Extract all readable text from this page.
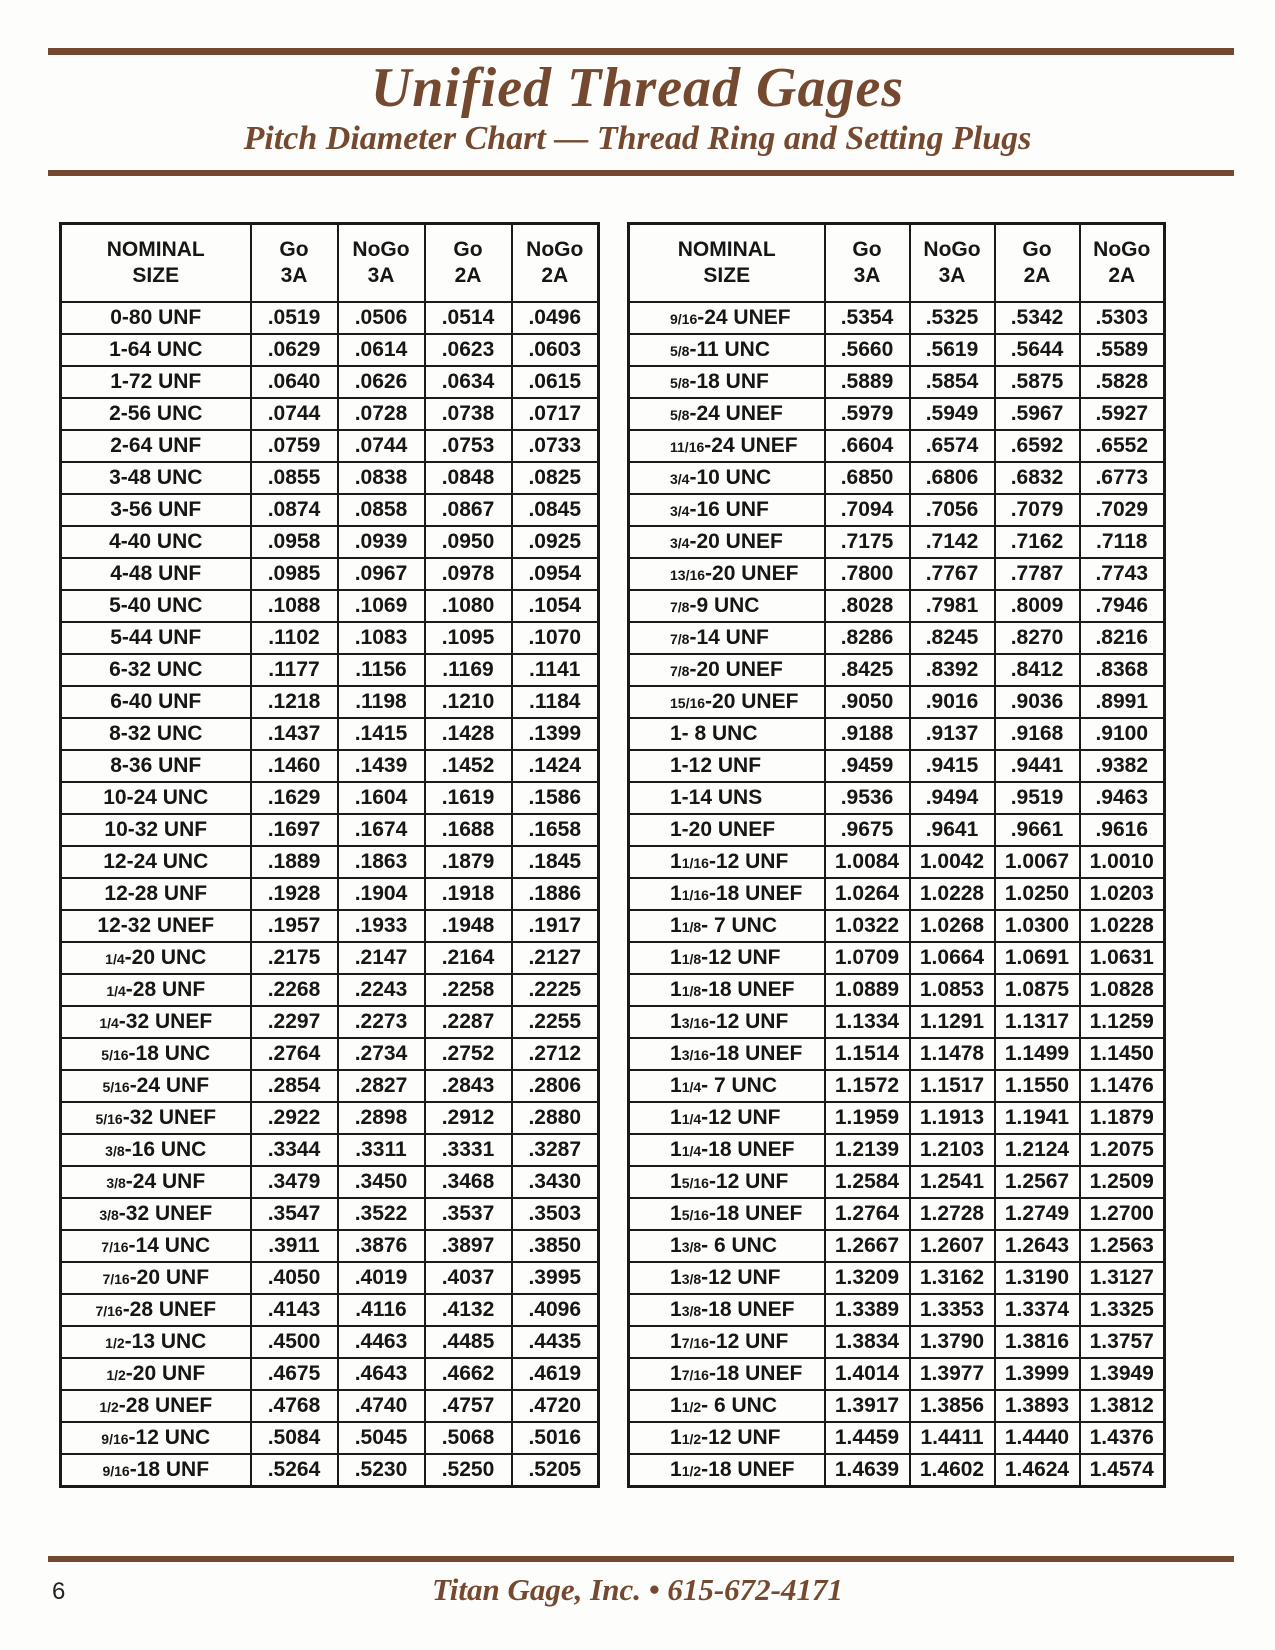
Unified Thread Gages
Pitch Diameter Chart — Thread Ring and Setting Plugs
NOMINAL
SIZE

Go
3A

NoGo
3A

Go
2A

NoGo
2A

0-80 UNF	.0519	.0506	.0514	.0496
1-64 UNC	.0629	.0614	.0623	.0603
1-72 UNF	.0640	.0626	.0634	.0615
2-56 UNC	.0744	.0728	.0738	.0717
2-64 UNF	.0759	.0744	.0753	.0733
3-48 UNC	.0855	.0838	.0848	.0825
3-56 UNF	.0874	.0858	.0867	.0845
4-40 UNC	.0958	.0939	.0950	.0925
4-48 UNF	.0985	.0967	.0978	.0954
5-40 UNC	.1088	.1069	.1080	.1054
5-44 UNF	.1102	.1083	.1095	.1070
6-32 UNC	.1177	.1156	.1169	.1141
6-40 UNF	.1218	.1198	.1210	.1184
8-32 UNC	.1437	.1415	.1428	.1399
8-36 UNF	.1460	.1439	.1452	.1424
10-24 UNC	.1629	.1604	.1619	.1586
10-32 UNF	.1697	.1674	.1688	.1658
12-24 UNC	.1889	.1863	.1879	.1845
12-28 UNF	.1928	.1904	.1918	.1886
12-32 UNEF	.1957	.1933	.1948	.1917
1/4-20 UNC	.2175	.2147	.2164	.2127
1/4-28 UNF	.2268	.2243	.2258	.2225
1/4-32 UNEF	.2297	.2273	.2287	.2255
5/16-18 UNC	.2764	.2734	.2752	.2712
5/16-24 UNF	.2854	.2827	.2843	.2806
5/16-32 UNEF	.2922	.2898	.2912	.2880
3/8-16 UNC	.3344	.3311	.3331	.3287
3/8-24 UNF	.3479	.3450	.3468	.3430
3/8-32 UNEF	.3547	.3522	.3537	.3503
7/16-14 UNC	.3911	.3876	.3897	.3850
7/16-20 UNF	.4050	.4019	.4037	.3995
7/16-28 UNEF	.4143	.4116	.4132	.4096
1/2-13 UNC	.4500	.4463	.4485	.4435
1/2-20 UNF	.4675	.4643	.4662	.4619
1/2-28 UNEF	.4768	.4740	.4757	.4720
9/16-12 UNC	.5084	.5045	.5068	.5016
9/16-18 UNF	.5264	.5230	.5250	.5205
NOMINAL
SIZE

Go
3A

NoGo
3A

Go
2A

NoGo
2A

9/16-24 UNEF	.5354	.5325	.5342	.5303
5/8-11 UNC	.5660	.5619	.5644	.5589
5/8-18 UNF	.5889	.5854	.5875	.5828
5/8-24 UNEF	.5979	.5949	.5967	.5927
11/16-24 UNEF	.6604	.6574	.6592	.6552
3/4-10 UNC	.6850	.6806	.6832	.6773
3/4-16 UNF	.7094	.7056	.7079	.7029
3/4-20 UNEF	.7175	.7142	.7162	.7118
13/16-20 UNEF	.7800	.7767	.7787	.7743
7/8-9 UNC	.8028	.7981	.8009	.7946
7/8-14 UNF	.8286	.8245	.8270	.8216
7/8-20 UNEF	.8425	.8392	.8412	.8368
15/16-20 UNEF	.9050	.9016	.9036	.8991
1- 8 UNC	.9188	.9137	.9168	.9100
1-12 UNF	.9459	.9415	.9441	.9382
1-14 UNS	.9536	.9494	.9519	.9463
1-20 UNEF	.9675	.9641	.9661	.9616
11/16-12 UNF	1.0084	1.0042	1.0067	1.0010
11/16-18 UNEF	1.0264	1.0228	1.0250	1.0203
11/8- 7 UNC	1.0322	1.0268	1.0300	1.0228
11/8-12 UNF	1.0709	1.0664	1.0691	1.0631
11/8-18 UNEF	1.0889	1.0853	1.0875	1.0828
13/16-12 UNF	1.1334	1.1291	1.1317	1.1259
13/16-18 UNEF	1.1514	1.1478	1.1499	1.1450
11/4- 7 UNC	1.1572	1.1517	1.1550	1.1476
11/4-12 UNF	1.1959	1.1913	1.1941	1.1879
11/4-18 UNEF	1.2139	1.2103	1.2124	1.2075
15/16-12 UNF	1.2584	1.2541	1.2567	1.2509
15/16-18 UNEF	1.2764	1.2728	1.2749	1.2700
13/8- 6 UNC	1.2667	1.2607	1.2643	1.2563
13/8-12 UNF	1.3209	1.3162	1.3190	1.3127
13/8-18 UNEF	1.3389	1.3353	1.3374	1.3325
17/16-12 UNF	1.3834	1.3790	1.3816	1.3757
17/16-18 UNEF	1.4014	1.3977	1.3999	1.3949
11/2- 6 UNC	1.3917	1.3856	1.3893	1.3812
11/2-12 UNF	1.4459	1.4411	1.4440	1.4376
11/2-18 UNEF	1.4639	1.4602	1.4624	1.4574
6	Titan Gage, Inc. • 615-672-4171
